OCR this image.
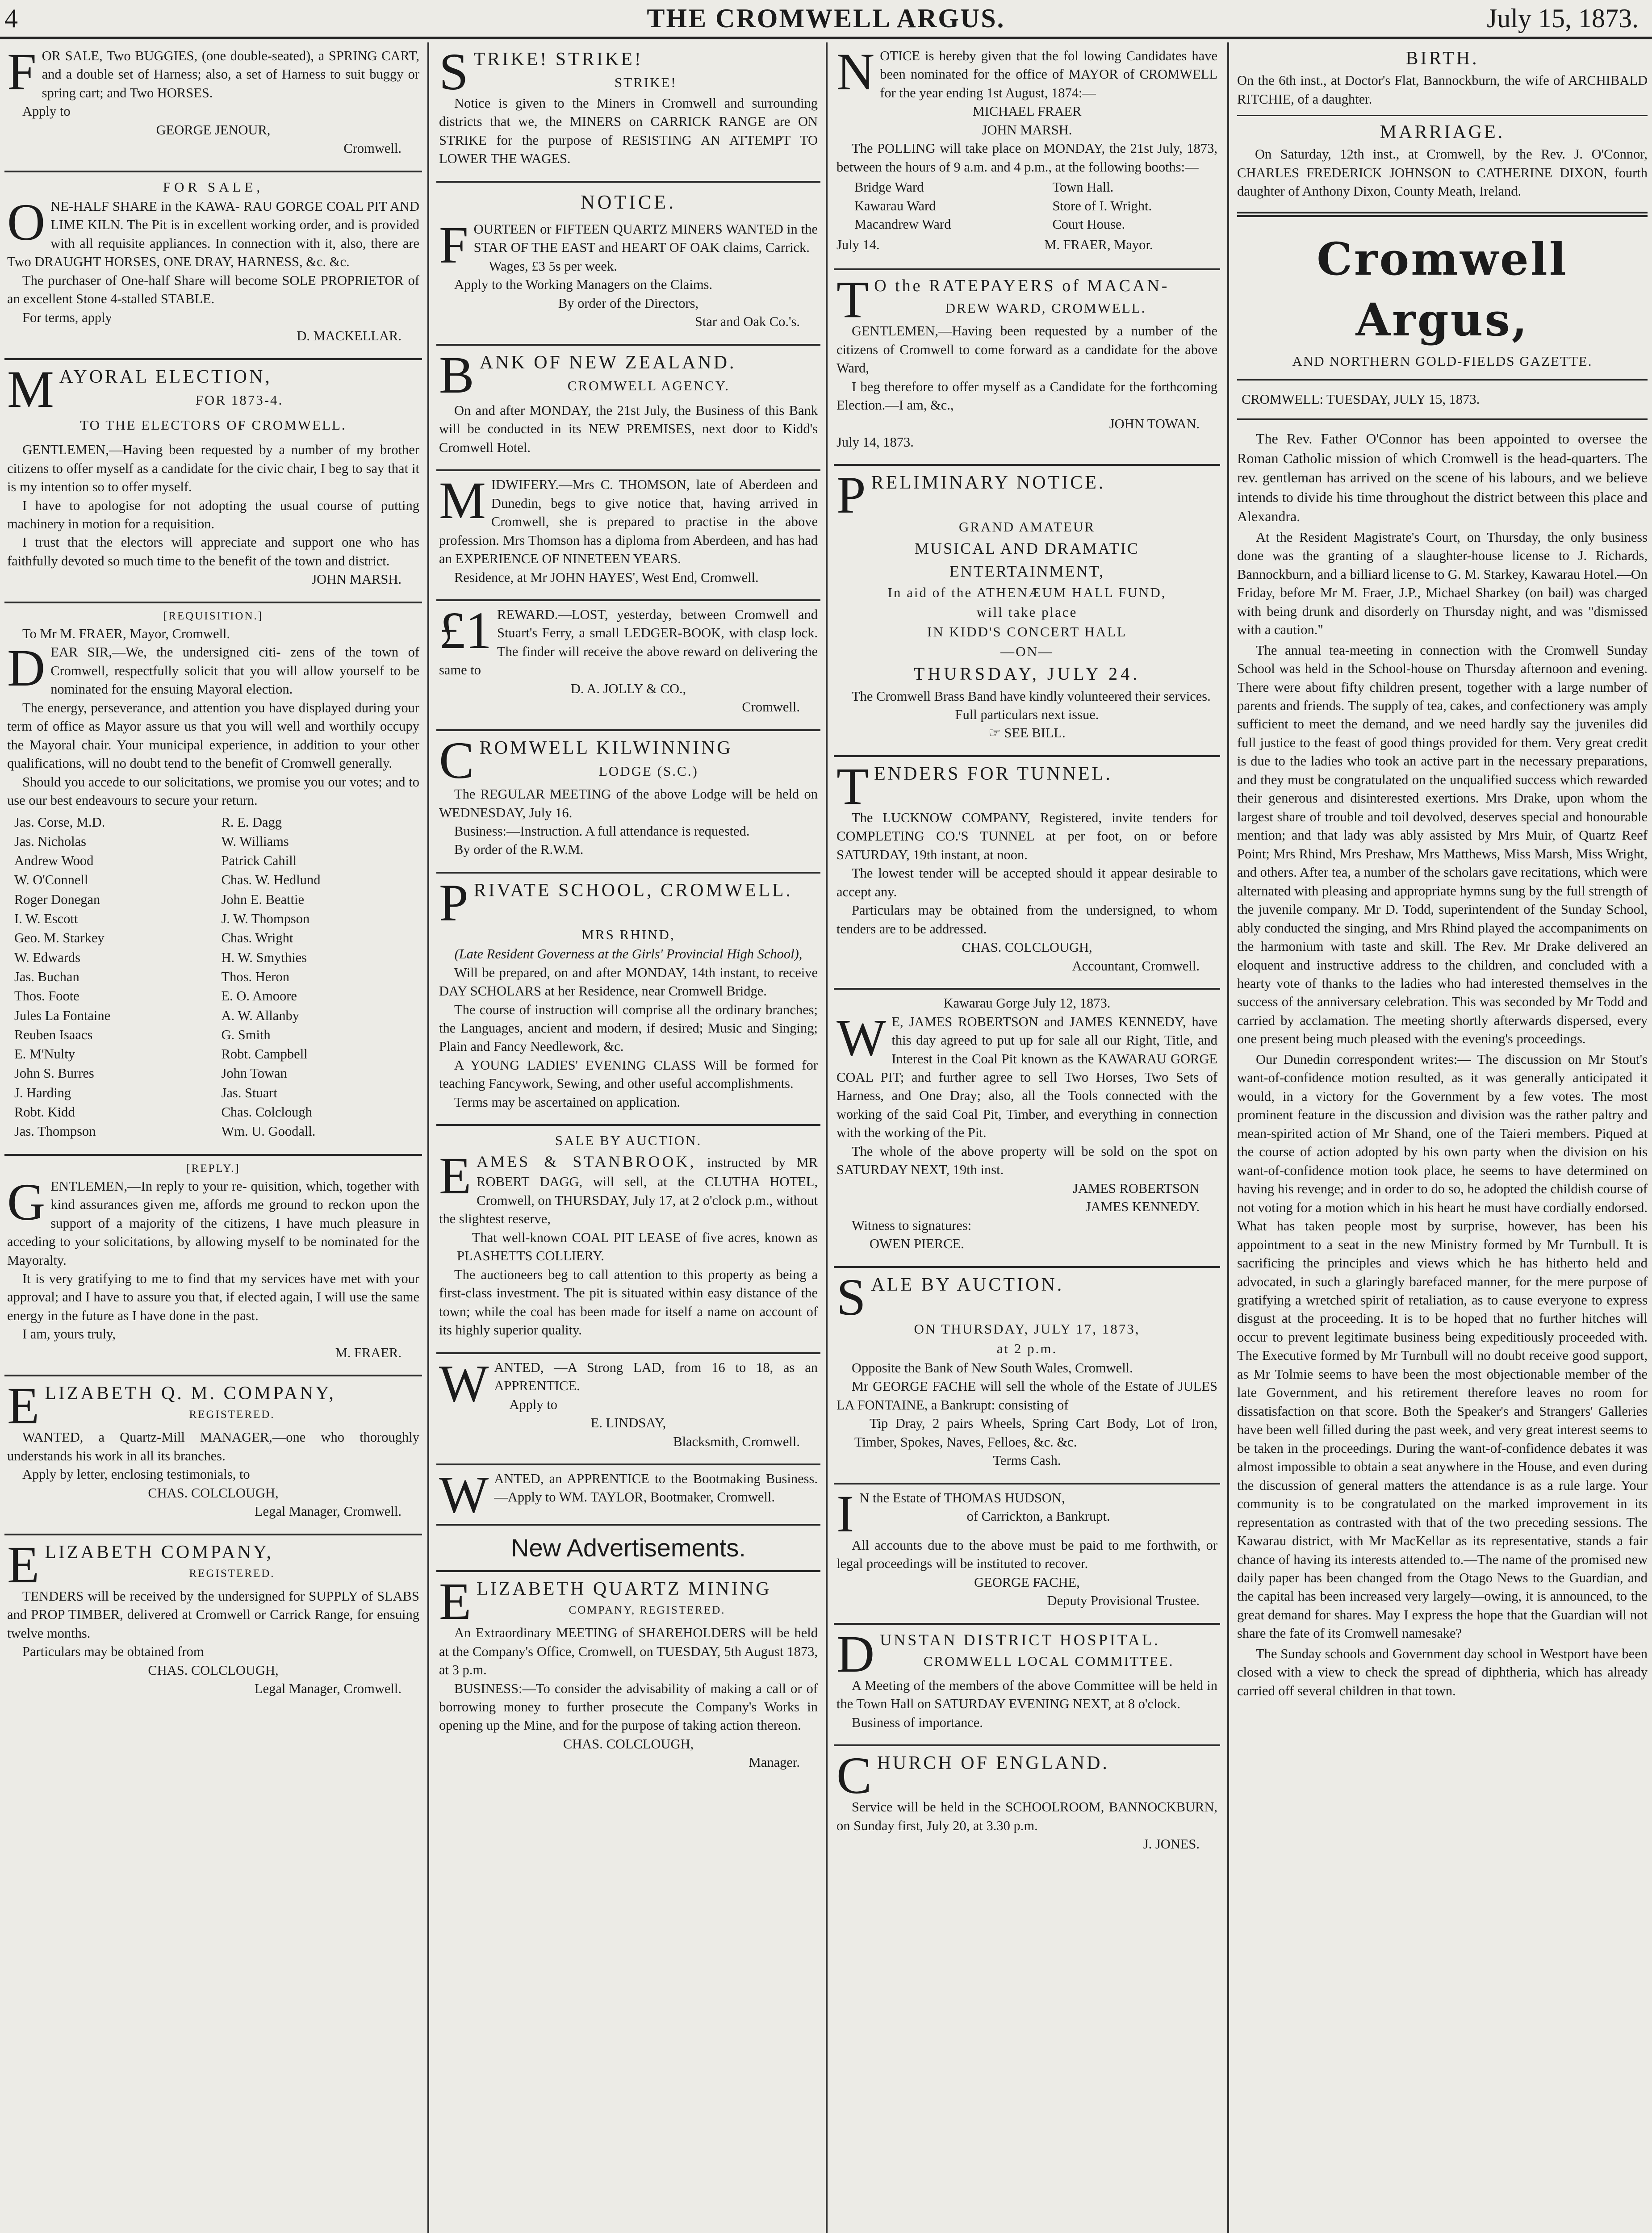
4	THE CROMWELL ARGUS.	July 15, 1873.

FOR SALE, Two BUGGIES, (one double-seated), a SPRING CART, and a double set of Harness; also, a set of Harness to suit buggy or spring cart; and Two HORSES.

Apply to

GEORGE JENOUR,

Cromwell.

FOR SALE,

ONE-HALF SHARE in the KAWA- RAU GORGE COAL PIT AND LIME KILN. The Pit is in excellent working order, and is provided with all requisite appliances. In connection with it, also, there are Two DRAUGHT HORSES, ONE DRAY, HARNESS, &c. &c.

The purchaser of One-half Share will become SOLE PROPRIETOR of an excellent Stone 4-stalled STABLE.

For terms, apply

D. MACKELLAR.

MAYORAL ELECTION,

FOR 1873-4.
TO THE ELECTORS OF CROMWELL.

GENTLEMEN,—Having been requested by a number of my brother citizens to offer myself as a candidate for the civic chair, I beg to say that it is my intention so to offer myself.

I have to apologise for not adopting the usual course of putting machinery in motion for a requisition.

I trust that the electors will appreciate and support one who has faithfully devoted so much time to the benefit of the town and district.

JOHN MARSH.

[REQUISITION.]

To Mr M. FRAER, Mayor, Cromwell.

DEAR SIR,—We, the undersigned citi- zens of the town of Cromwell, respectfully solicit that you will allow yourself to be nominated for the ensuing Mayoral election.

The energy, perseverance, and attention you have displayed during your term of office as Mayor assure us that you will well and worthily occupy the Mayoral chair. Your municipal experience, in addition to your other qualifications, will no doubt tend to the benefit of Cromwell generally.

Should you accede to our solicitations, we promise you our votes; and to use our best endeavours to secure your return.

Jas. Corse, M.D.	R. E. Dagg
Jas. Nicholas	W. Williams
Andrew Wood	Patrick Cahill
W. O'Connell	Chas. W. Hedlund
Roger Donegan	John E. Beattie
I. W. Escott	J. W. Thompson
Geo. M. Starkey	Chas. Wright
W. Edwards	H. W. Smythies
Jas. Buchan	Thos. Heron
Thos. Foote	E. O. Amoore
Jules La Fontaine	A. W. Allanby
Reuben Isaacs	G. Smith
E. M'Nulty	Robt. Campbell
John S. Burres	John Towan
J. Harding	Jas. Stuart
Robt. Kidd	Chas. Colclough
Jas. Thompson	Wm. U. Goodall.
[REPLY.]

GENTLEMEN,—In reply to your re- quisition, which, together with kind assurances given me, affords me ground to reckon upon the support of a majority of the citizens, I have much pleasure in acceding to your solicitations, by allowing myself to be nominated for the Mayoralty.

It is very gratifying to me to find that my services have met with your approval; and I have to assure you that, if elected again, I will use the same energy in the future as I have done in the past.

I am, yours truly,

M. FRAER.

ELIZABETH Q. M. COMPANY,

REGISTERED.

WANTED, a Quartz-Mill MANAGER,—one who thoroughly understands his work in all its branches.

Apply by letter, enclosing testimonials, to

CHAS. COLCLOUGH,

Legal Manager, Cromwell.

ELIZABETH COMPANY,

REGISTERED.

TENDERS will be received by the undersigned for SUPPLY of SLABS and PROP TIMBER, delivered at Cromwell or Carrick Range, for ensuing twelve months.

Particulars may be obtained from

CHAS. COLCLOUGH,

Legal Manager, Cromwell.

STRIKE! STRIKE!

STRIKE!

Notice is given to the Miners in Cromwell and surrounding districts that we, the MINERS on CARRICK RANGE are ON STRIKE for the purpose of RESISTING AN ATTEMPT TO LOWER THE WAGES.

NOTICE.

FOURTEEN or FIFTEEN QUARTZ MINERS WANTED in the STAR OF THE EAST and HEART OF OAK claims, Carrick.

Wages, £3 5s per week.

Apply to the Working Managers on the Claims.

By order of the Directors,

Star and Oak Co.'s.

BANK OF NEW ZEALAND.

CROMWELL AGENCY.

On and after MONDAY, the 21st July, the Business of this Bank will be conducted in its NEW PREMISES, next door to Kidd's Cromwell Hotel.

MIDWIFERY.—Mrs C. THOMSON, late of Aberdeen and Dunedin, begs to give notice that, having arrived in Cromwell, she is prepared to practise in the above profession. Mrs Thomson has a diploma from Aberdeen, and has had an EXPERIENCE OF NINETEEN YEARS.

Residence, at Mr JOHN HAYES', West End, Cromwell.

£1 REWARD.—LOST, yesterday, between Cromwell and Stuart's Ferry, a small LEDGER-BOOK, with clasp lock. The finder will receive the above reward on delivering the same to

D. A. JOLLY & CO.,

Cromwell.

CROMWELL KILWINNING

LODGE (S.C.)

The REGULAR MEETING of the above Lodge will be held on WEDNESDAY, July 16.

Business:—Instruction. A full attendance is requested.

By order of the R.W.M.

PRIVATE SCHOOL, CROMWELL.

MRS RHIND,

(Late Resident Governess at the Girls' Provincial High School),

Will be prepared, on and after MONDAY, 14th instant, to receive DAY SCHOLARS at her Residence, near Cromwell Bridge.

The course of instruction will comprise all the ordinary branches; the Languages, ancient and modern, if desired; Music and Singing; Plain and Fancy Needlework, &c.

A YOUNG LADIES' EVENING CLASS Will be formed for teaching Fancywork, Sewing, and other useful accomplishments.

Terms may be ascertained on application.

SALE BY AUCTION.

EAMES & STANBROOK, instructed by MR ROBERT DAGG, will sell, at the CLUTHA HOTEL, Cromwell, on THURSDAY, July 17, at 2 o'clock p.m., without the slightest reserve,

That well-known COAL PIT LEASE of five acres, known as PLASHETTS COLLIERY.

The auctioneers beg to call attention to this property as being a first-class investment. The pit is situated within easy distance of the town; while the coal has been made for itself a name on account of its highly superior quality.

WANTED, —A Strong LAD, from 16 to 18, as an APPRENTICE.

Apply to

E. LINDSAY,

Blacksmith, Cromwell.

WANTED, an APPRENTICE to the Bootmaking Business.—Apply to WM. TAYLOR, Bootmaker, Cromwell.

New Advertisements.

ELIZABETH QUARTZ MINING

COMPANY, REGISTERED.

An Extraordinary MEETING of SHAREHOLDERS will be held at the Company's Office, Cromwell, on TUESDAY, 5th August 1873, at 3 p.m.

BUSINESS:—To consider the advisability of making a call or of borrowing money to further prosecute the Company's Works in opening up the Mine, and for the purpose of taking action thereon.

CHAS. COLCLOUGH,

Manager.

NOTICE is hereby given that the fol lowing Candidates have been nominated for the office of MAYOR of CROMWELL for the year ending 1st August, 1874:—

MICHAEL FRAER

JOHN MARSH.

The POLLING will take place on MONDAY, the 21st July, 1873, between the hours of 9 a.m. and 4 p.m., at the following booths:—

Bridge Ward	Town Hall.
Kawarau Ward	Store of I. Wright.
Macandrew Ward	Court House.
July 14.	M. FRAER, Mayor.

T O the RATEPAYERS of MACAN-

DREW WARD, CROMWELL.

GENTLEMEN,—Having been requested by a number of the citizens of Cromwell to come forward as a candidate for the above Ward,

I beg therefore to offer myself as a Candidate for the forthcoming Election.—I am, &c.,

JOHN TOWAN.

July 14, 1873.

PRELIMINARY NOTICE.

GRAND AMATEUR
MUSICAL AND DRAMATIC
ENTERTAINMENT,
In aid of the ATHENÆUM HALL FUND,
will take place
IN KIDD'S CONCERT HALL
—ON—
THURSDAY, JULY 24.

The Cromwell Brass Band have kindly volunteered their services.

Full particulars next issue.

☞ SEE BILL.

TENDERS FOR TUNNEL.

The LUCKNOW COMPANY, Registered, invite tenders for COMPLETING CO.'S TUNNEL at per foot, on or before SATURDAY, 19th instant, at noon.

The lowest tender will be accepted should it appear desirable to accept any.

Particulars may be obtained from the undersigned, to whom tenders are to be addressed.

CHAS. COLCLOUGH,

Accountant, Cromwell.

Kawarau Gorge July 12, 1873.

W E, JAMES ROBERTSON and JAMES KENNEDY, have this day agreed to put up for sale all our Right, Title, and Interest in the Coal Pit known as the KAWARAU GORGE COAL PIT; and further agree to sell Two Horses, Two Sets of Harness, and One Dray; also, all the Tools connected with the working of the said Coal Pit, Timber, and everything in connection with the working of the Pit.

The whole of the above property will be sold on the spot on SATURDAY NEXT, 19th inst.

JAMES ROBERTSON

JAMES KENNEDY.

Witness to signatures:

OWEN PIERCE.

SALE BY AUCTION.

ON THURSDAY, JULY 17, 1873,
at 2 p.m.

Opposite the Bank of New South Wales, Cromwell.

Mr GEORGE FACHE will sell the whole of the Estate of JULES LA FONTAINE, a Bankrupt: consisting of

Tip Dray, 2 pairs Wheels, Spring Cart Body, Lot of Iron, Timber, Spokes, Naves, Felloes, &c. &c.

Terms Cash.

I N the Estate of THOMAS HUDSON,

of Carrickton, a Bankrupt.

All accounts due to the above must be paid to me forthwith, or legal proceedings will be instituted to recover.

GEORGE FACHE,

Deputy Provisional Trustee.

DUNSTAN DISTRICT HOSPITAL.

CROMWELL LOCAL COMMITTEE.

A Meeting of the members of the above Committee will be held in the Town Hall on SATURDAY EVENING NEXT, at 8 o'clock.

Business of importance.

CHURCH OF ENGLAND.

Service will be held in the SCHOOLROOM, BANNOCKBURN, on Sunday first, July 20, at 3.30 p.m.

J. JONES.

BIRTH.

On the 6th inst., at Doctor's Flat, Bannockburn, the wife of ARCHIBALD RITCHIE, of a daughter.

MARRIAGE.

On Saturday, 12th inst., at Cromwell, by the Rev. J. O'Connor, CHARLES FREDERICK JOHNSON to CATHERINE DIXON, fourth daughter of Anthony Dixon, County Meath, Ireland.

Cromwell Argus,
AND NORTHERN GOLD-FIELDS GAZETTE.
CROMWELL: TUESDAY, JULY 15, 1873.

The Rev. Father O'Connor has been appointed to oversee the Roman Catholic mission of which Cromwell is the head-quarters. The rev. gentleman has arrived on the scene of his labours, and we believe intends to divide his time throughout the district between this place and Alexandra.

At the Resident Magistrate's Court, on Thursday, the only business done was the granting of a slaughter-house license to J. Richards, Bannockburn, and a billiard license to G. M. Starkey, Kawarau Hotel.—On Friday, before Mr M. Fraer, J.P., Michael Sharkey (on bail) was charged with being drunk and disorderly on Thursday night, and was "dismissed with a caution."

The annual tea-meeting in connection with the Cromwell Sunday School was held in the School-house on Thursday afternoon and evening. There were about fifty children present, together with a large number of parents and friends. The supply of tea, cakes, and confectionery was amply sufficient to meet the demand, and we need hardly say the juveniles did full justice to the feast of good things provided for them. Very great credit is due to the ladies who took an active part in the necessary preparations, and they must be congratulated on the unqualified success which rewarded their generous and disinterested exertions. Mrs Drake, upon whom the largest share of trouble and toil devolved, deserves special and honourable mention; and that lady was ably assisted by Mrs Muir, of Quartz Reef Point; Mrs Rhind, Mrs Preshaw, Mrs Matthews, Miss Marsh, Miss Wright, and others. After tea, a number of the scholars gave recitations, which were alternated with pleasing and appropriate hymns sung by the full strength of the juvenile company. Mr D. Todd, superintendent of the Sunday School, ably conducted the singing, and Mrs Rhind played the accompaniments on the harmonium with taste and skill. The Rev. Mr Drake delivered an eloquent and instructive address to the children, and concluded with a hearty vote of thanks to the ladies who had interested themselves in the success of the anniversary celebration. This was seconded by Mr Todd and carried by acclamation. The meeting shortly afterwards dispersed, every one present being much pleased with the evening's proceedings.

Our Dunedin correspondent writes:— The discussion on Mr Stout's want-of-confidence motion resulted, as it was generally anticipated it would, in a victory for the Government by a few votes. The most prominent feature in the discussion and division was the rather paltry and mean-spirited action of Mr Shand, one of the Taieri members. Piqued at the course of action adopted by his own party when the division on his want-of-confidence motion took place, he seems to have determined on having his revenge; and in order to do so, he adopted the childish course of not voting for a motion which in his heart he must have cordially endorsed. What has taken people most by surprise, however, has been his appointment to a seat in the new Ministry formed by Mr Turnbull. It is sacrificing the principles and views which he has hitherto held and advocated, in such a glaringly barefaced manner, for the mere purpose of gratifying a wretched spirit of retaliation, as to cause everyone to express disgust at the proceeding. It is to be hoped that no further hitches will occur to prevent legitimate business being expeditiously proceeded with. The Executive formed by Mr Turnbull will no doubt receive good support, as Mr Tolmie seems to have been the most objectionable member of the late Government, and his retirement therefore leaves no room for dissatisfaction on that score. Both the Speaker's and Strangers' Galleries have been well filled during the past week, and very great interest seems to be taken in the proceedings. During the want-of-confidence debates it was almost impossible to obtain a seat anywhere in the House, and even during the discussion of general matters the attendance is as a rule large. Your community is to be congratulated on the marked improvement in its representation as contrasted with that of the two preceding sessions. The Kawarau district, with Mr MacKellar as its representative, stands a fair chance of having its interests attended to.—The name of the promised new daily paper has been changed from the Otago News to the Guardian, and the capital has been increased very largely—owing, it is announced, to the great demand for shares. May I express the hope that the Guardian will not share the fate of its Cromwell namesake?

The Sunday schools and Government day school in Westport have been closed with a view to check the spread of diphtheria, which has already carried off several children in that town.
